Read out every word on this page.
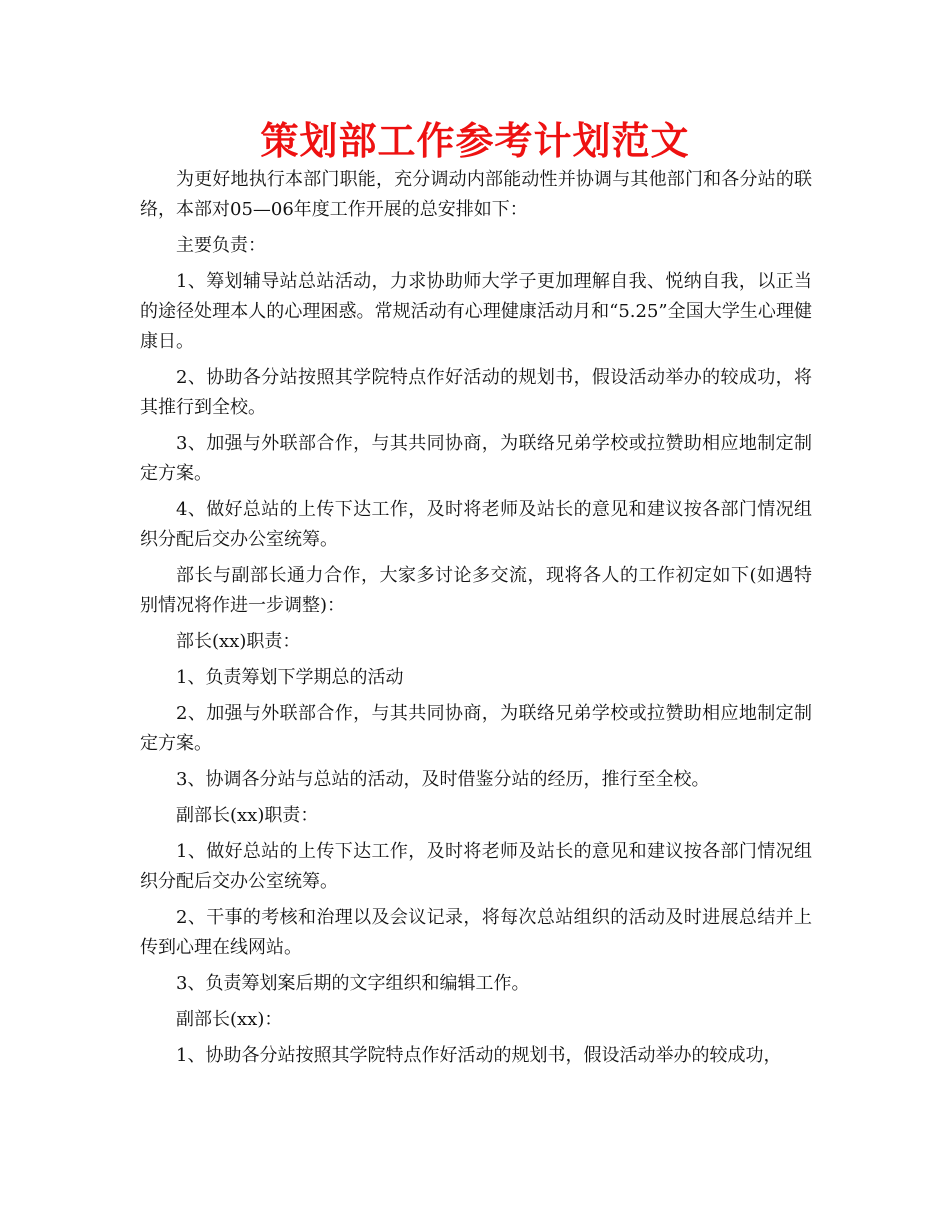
策划部工作参考计划范文

为更好地执行本部门职能，充分调动内部能动性并协调与其他部门和各分站的联络，本部对05—06年度工作开展的总安排如下：

主要负责：

1、筹划辅导站总站活动，力求协助师大学子更加理解自我、悦纳自我，以正当的途径处理本人的心理困惑。常规活动有心理健康活动月和“5.25”全国大学生心理健康日。

2、协助各分站按照其学院特点作好活动的规划书，假设活动举办的较成功，将其推行到全校。

3、加强与外联部合作，与其共同协商，为联络兄弟学校或拉赞助相应地制定制定方案。

4、做好总站的上传下达工作，及时将老师及站长的意见和建议按各部门情况组织分配后交办公室统筹。

部长与副部长通力合作，大家多讨论多交流，现将各人的工作初定如下(如遇特别情况将作进一步调整)：

部长(xx)职责：

1、负责筹划下学期总的活动

2、加强与外联部合作，与其共同协商，为联络兄弟学校或拉赞助相应地制定制定方案。

3、协调各分站与总站的活动，及时借鉴分站的经历，推行至全校。

副部长(xx)职责：

1、做好总站的上传下达工作，及时将老师及站长的意见和建议按各部门情况组织分配后交办公室统筹。

2、干事的考核和治理以及会议记录，将每次总站组织的活动及时进展总结并上传到心理在线网站。

3、负责筹划案后期的文字组织和编辑工作。

副部长(xx)：

1、协助各分站按照其学院特点作好活动的规划书，假设活动举办的较成功，
